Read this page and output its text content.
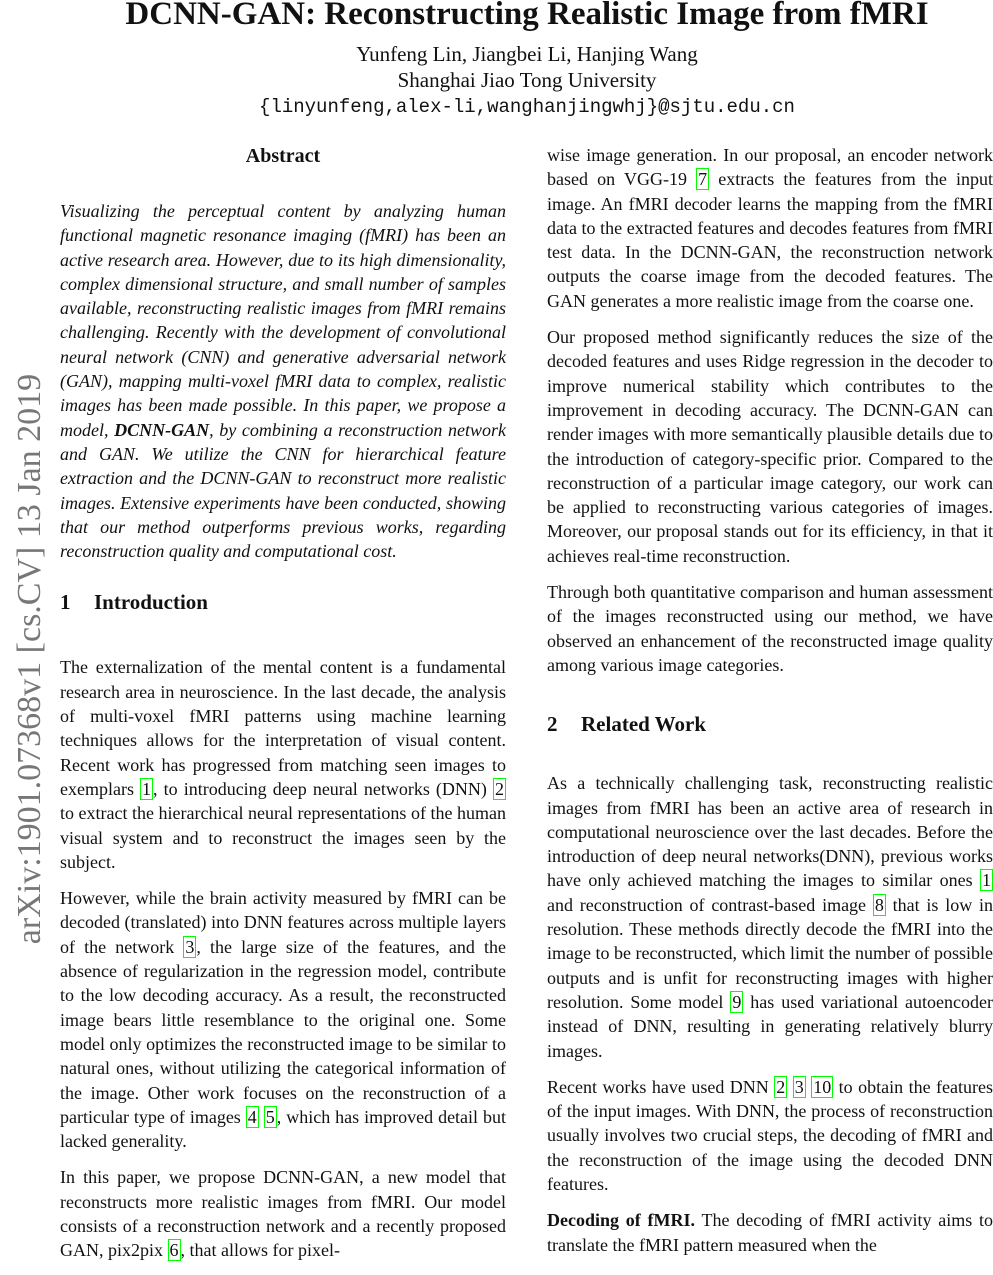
DCNN-GAN: Reconstructing Realistic Image from fMRI
Yunfeng Lin, Jiangbei Li, Hanjing Wang
Shanghai Jiao Tong University
{linyunfeng,alex-li,wanghanjingwhj}@sjtu.edu.cn
arXiv:1901.07368v1 [cs.CV] 13 Jan 2019
Abstract
Visualizing the perceptual content by analyzing human functional magnetic resonance imaging (fMRI) has been an active research area. However, due to its high dimensionality, complex dimensional structure, and small number of samples available, reconstructing realistic images from fMRI remains challenging. Recently with the development of convolutional neural network (CNN) and generative adversarial network (GAN), mapping multi-voxel fMRI data to complex, realistic images has been made possible. In this paper, we propose a model, DCNN-GAN, by combining a reconstruction network and GAN. We utilize the CNN for hierarchical feature extraction and the DCNN-GAN to reconstruct more realistic images. Extensive experiments have been conducted, showing that our method outperforms previous works, regarding reconstruction quality and computational cost.
1 Introduction
The externalization of the mental content is a fundamental research area in neuroscience. In the last decade, the analysis of multi-voxel fMRI patterns using machine learning techniques allows for the interpretation of visual content. Recent work has progressed from matching seen images to exemplars 1 , to introducing deep neural networks (DNN) 2 to extract the hierarchical neural representations of the human visual system and to reconstruct the images seen by the subject.
However, while the brain activity measured by fMRI can be decoded (translated) into DNN features across multiple layers of the network 3 , the large size of the features, and the absence of regularization in the regression model, contribute to the low decoding accuracy. As a result, the reconstructed image bears little resemblance to the original one. Some model only optimizes the reconstructed image to be similar to natural ones, without utilizing the categorical information of the image. Other work focuses on the reconstruction of a particular type of images 4 5 , which has improved detail but lacked generality.
In this paper, we propose DCNN-GAN, a new model that reconstructs more realistic images from fMRI. Our model consists of a reconstruction network and a recently proposed GAN, pix2pix 6 , that allows for pixel-
wise image generation. In our proposal, an encoder network based on VGG-19 7 extracts the features from the input image. An fMRI decoder learns the mapping from the fMRI data to the extracted features and decodes features from fMRI test data. In the DCNN-GAN, the reconstruction network outputs the coarse image from the decoded features. The GAN generates a more realistic image from the coarse one.
Our proposed method significantly reduces the size of the decoded features and uses Ridge regression in the decoder to improve numerical stability which contributes to the improvement in decoding accuracy. The DCNN-GAN can render images with more semantically plausible details due to the introduction of category-specific prior. Compared to the reconstruction of a particular image category, our work can be applied to reconstructing various categories of images. Moreover, our proposal stands out for its efficiency, in that it achieves real-time reconstruction.
Through both quantitative comparison and human assessment of the images reconstructed using our method, we have observed an enhancement of the reconstructed image quality among various image categories.
2 Related Work
As a technically challenging task, reconstructing realistic images from fMRI has been an active area of research in computational neuroscience over the last decades. Before the introduction of deep neural networks(DNN), previous works have only achieved matching the images to similar ones 1 and reconstruction of contrast-based image 8 that is low in resolution. These methods directly decode the fMRI into the image to be reconstructed, which limit the number of possible outputs and is unfit for reconstructing images with higher resolution. Some model 9 has used variational autoencoder instead of DNN, resulting in generating relatively blurry images.
Recent works have used DNN 2 3 10 to obtain the features of the input images. With DNN, the process of reconstruction usually involves two crucial steps, the decoding of fMRI and the reconstruction of the image using the decoded DNN features.
Decoding of fMRI. The decoding of fMRI activity aims to translate the fMRI pattern measured when the
